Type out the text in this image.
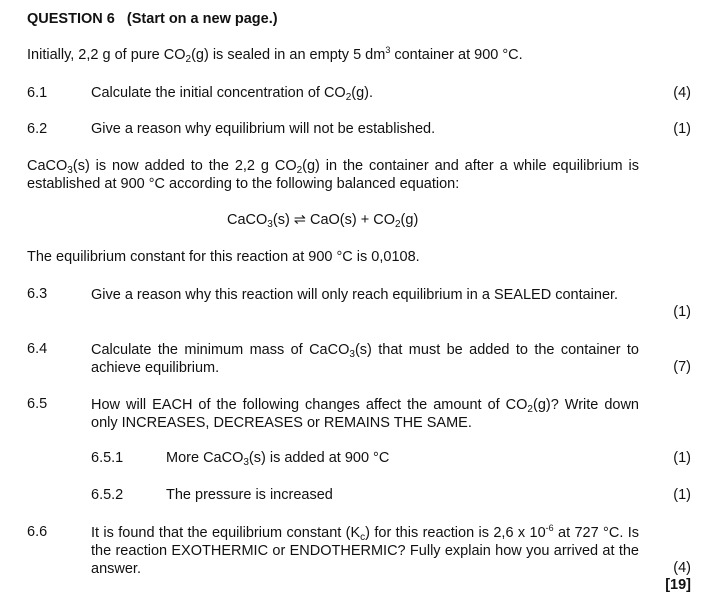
QUESTION 6 (Start on a new page.)
Initially, 2,2 g of pure $CO_2(g)$ is sealed in an empty 5 $dm^3$ container at 900 °C.
6.1	Calculate the initial concentration of $CO_2(g)$.	(4)
6.2	Give a reason why equilibrium will not be established.	(1)
CaCO$_3$(s) is now added to the 2,2 g $CO_2(g)$ in the container and after a while equilibrium is established at 900 °C according to the following balanced equation:
CaCO$_3$(s) ⇌ $CaO(s) + CO_2(g)$
The equilibrium constant for this reaction at 900 °C is 0,0108.
6.3	Give a reason why this reaction will only reach equilibrium in a SEALED container.
(1)
6.4	Calculate the minimum mass of CaCO$_3$(s) that must be added to the container to achieve equilibrium.	(7)
6.5	How will EACH of the following changes affect the amount of $CO_2(g)$? Write down only INCREASES, DECREASES or REMAINS THE SAME.
6.5.1	More CaCO$_3$(s) is added at 900 °C	(1)
6.5.2	The pressure is increased	(1)
6.6	It is found that the equilibrium constant $(K_c)$ for this reaction is 2,6 x $10^{-6}$ at 727 °C. Is the reaction EXOTHERMIC or ENDOTHERMIC? Fully explain how you arrived at the answer.	(4)
[19]
